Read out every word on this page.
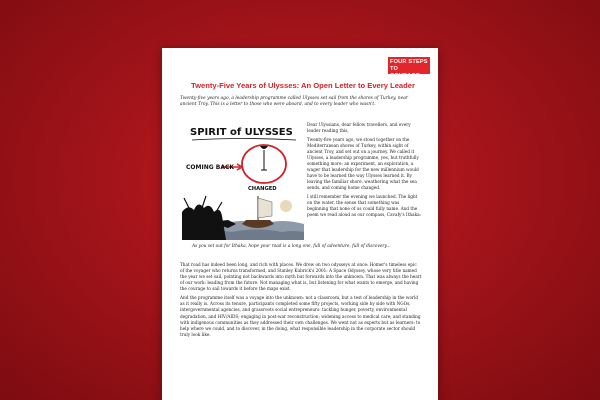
FOUR STEPS
TO COURAGE
Twenty-Five Years of Ulysses: An Open Letter to Every Leader
Twenty-five years ago, a leadership programme called Ulysses set sail from the shores of Turkey, near ancient Troy. This is a letter to those who were aboard, and to every leader who wasn't.
SPIRIT of ULYSSES
COMING BACK
CHANGED

Dear Ulyssians, dear fellow travellers, and every leader reading this,

Twenty-five years ago, we stood together on the Mediterranean shores of Turkey, within sight of ancient Troy, and set out on a journey. We called it Ulysses, a leadership programme, yes, but truthfully something more: an experiment, an exploration, a wager that leadership for the new millennium would have to be learned the way Ulysses learned it. By leaving the familiar shore, weathering what the sea sends, and coming home changed.

I still remember the evening we launched. The light on the water, the sense that something was beginning that none of us could fully name. And the poem we read aloud as our compass, Cavafy's Ithaka:

As you set out for Ithaka, hope your road is a long one, full of adventure, full of discovery...

That road has indeed been long, and rich with places. We drew on two odysseys at once: Homer's timeless epic of the voyager who returns transformed, and Stanley Kubrick's 2001: A Space Odyssey, whose very title named the year we set sail, pointing not backwards into myth but forwards into the unknown. That was always the heart of our work: leading from the future. Not managing what is, but listening for what wants to emerge, and having the courage to sail towards it before the maps exist.

And the programme itself was a voyage into the unknown: not a classroom, but a test of leadership in the world as it really is. Across its tenure, participants completed some fifty projects, working side by side with NGOs, intergovernmental agencies, and grassroots social entrepreneurs: tackling hunger, poverty, environmental degradation, and HIV/AIDS; engaging in post-war reconstruction; widening access to medical care; and standing with indigenous communities as they addressed their own challenges. We went not as experts but as learners: to help where we could, and to discover, in the doing, what responsible leadership in the corporate sector should truly look like.
